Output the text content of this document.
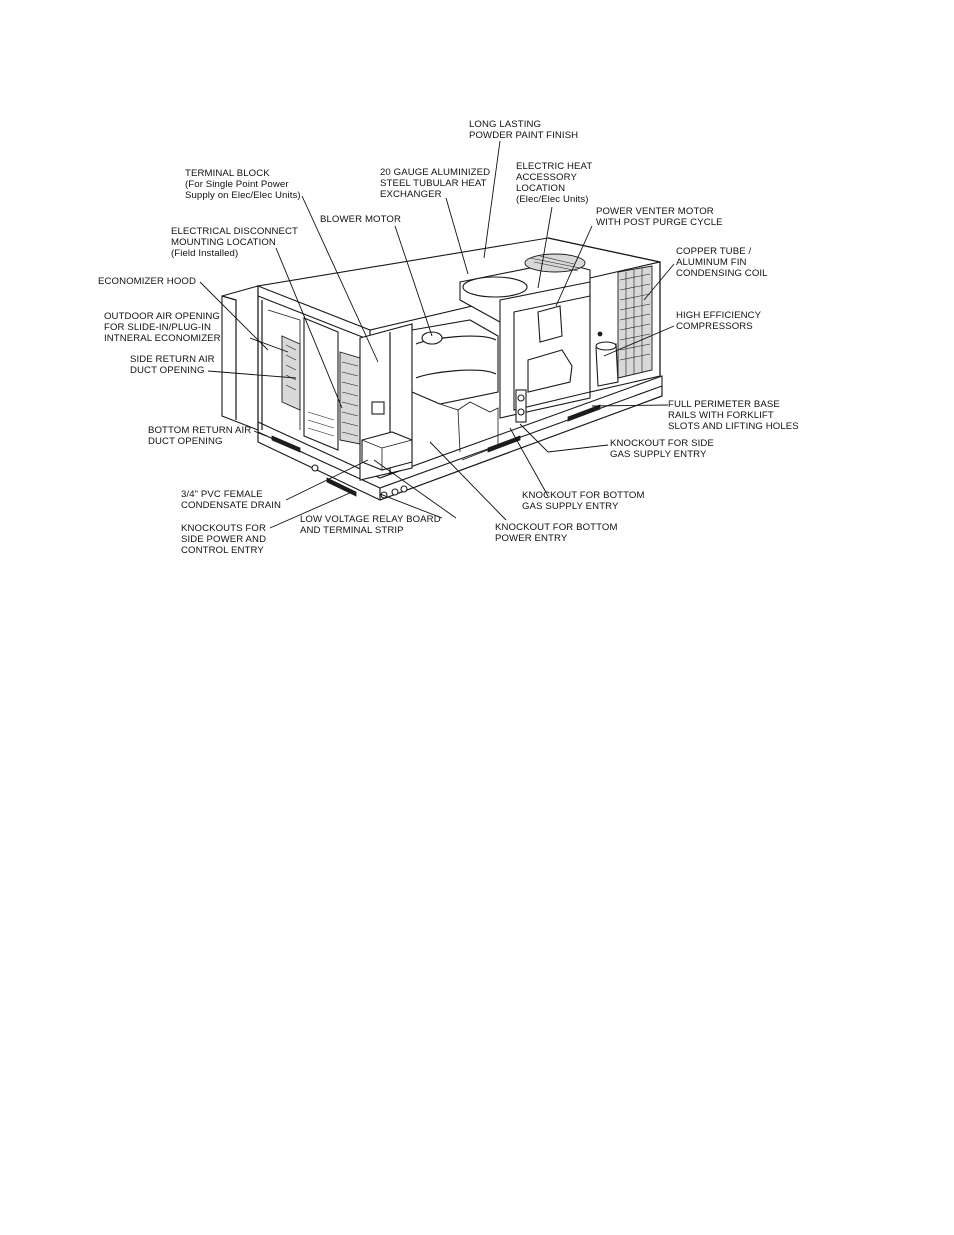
LONG LASTING
POWDER PAINT FINISH
TERMINAL BLOCK
(For Single Point Power
Supply on Elec/Elec Units)
20 GAUGE ALUMINIZED
STEEL TUBULAR HEAT
EXCHANGER
ELECTRIC HEAT
ACCESSORY
LOCATION
(Elec/Elec Units)
POWER VENTER MOTOR
WITH POST PURGE CYCLE
BLOWER MOTOR
ELECTRICAL DISCONNECT
MOUNTING LOCATION
(Field Installed)	COPPER TUBE /
ALUMINUM FIN
CONDENSING COIL
ECONOMIZER HOOD
OUTDOOR AIR OPENING
FOR SLIDE-IN/PLUG-IN
INTNERAL ECONOMIZER
HIGH EFFICIENCY
COMPRESSORS
SIDE RETURN AIR
DUCT OPENING
FULL PERIMETER BASE
RAILS WITH FORKLIFT
SLOTS AND LIFTING HOLES
BOTTOM RETURN AIR
DUCT OPENING	KNOCKOUT FOR SIDE
GAS SUPPLY ENTRY
3/4" PVC FEMALE
CONDENSATE DRAIN
KNOCKOUT FOR BOTTOM
GAS SUPPLY ENTRY
LOW VOLTAGE RELAY BOARD
AND TERMINAL STRIP
KNOCKOUTS FOR
SIDE POWER AND
CONTROL ENTRY
KNOCKOUT FOR BOTTOM
POWER ENTRY
